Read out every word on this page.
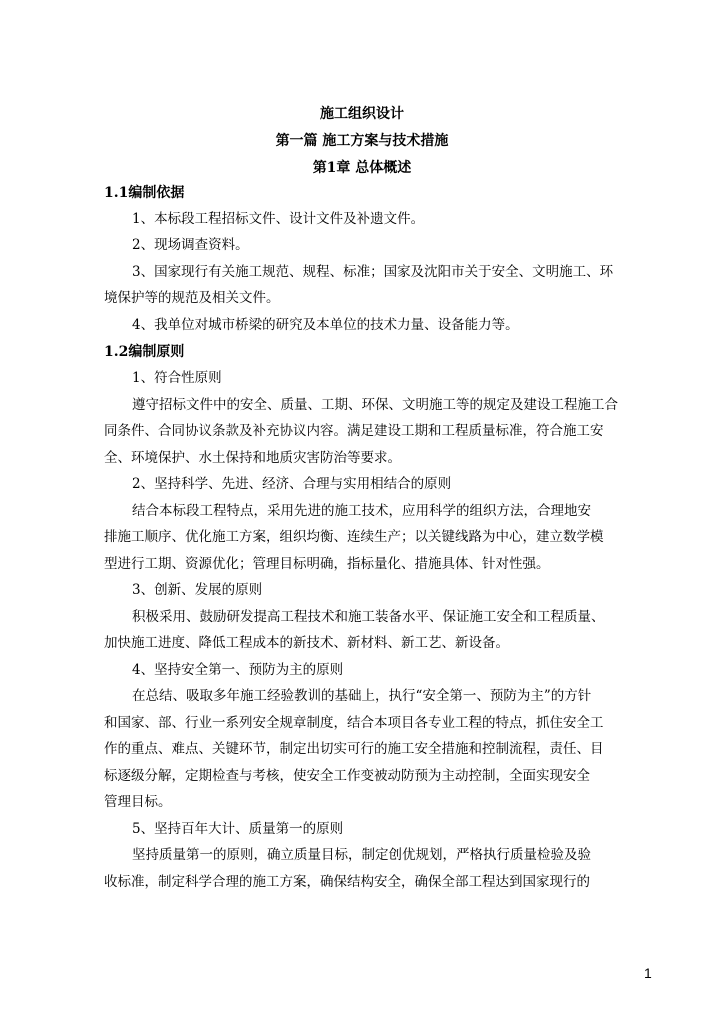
施工组织设计
第一篇 施工方案与技术措施
第1章 总体概述
1.1编制依据
1、本标段工程招标文件、设计文件及补遗文件。
2、现场调查资料。
3、国家现行有关施工规范、规程、标准；国家及沈阳市关于安全、文明施工、环
境保护等的规范及相关文件。
4、我单位对城市桥梁的研究及本单位的技术力量、设备能力等。
1.2编制原则
1、符合性原则
遵守招标文件中的安全、质量、工期、环保、文明施工等的规定及建设工程施工合
同条件、合同协议条款及补充协议内容。满足建设工期和工程质量标准，符合施工安
全、环境保护、水土保持和地质灾害防治等要求。
2、坚持科学、先进、经济、合理与实用相结合的原则
结合本标段工程特点，采用先进的施工技术，应用科学的组织方法，合理地安
排施工顺序、优化施工方案，组织均衡、连续生产；以关键线路为中心，建立数学模
型进行工期、资源优化；管理目标明确，指标量化、措施具体、针对性强。
3、创新、发展的原则
积极采用、鼓励研发提高工程技术和施工装备水平、保证施工安全和工程质量、
加快施工进度、降低工程成本的新技术、新材料、新工艺、新设备。
4、坚持安全第一、预防为主的原则
在总结、吸取多年施工经验教训的基础上，执行“安全第一、预防为主”的方针
和国家、部、行业一系列安全规章制度，结合本项目各专业工程的特点，抓住安全工
作的重点、难点、关键环节，制定出切实可行的施工安全措施和控制流程，责任、目
标逐级分解，定期检查与考核，使安全工作变被动防预为主动控制，全面实现安全
管理目标。
5、坚持百年大计、质量第一的原则
坚持质量第一的原则，确立质量目标，制定创优规划，严格执行质量检验及验
收标准，制定科学合理的施工方案，确保结构安全，确保全部工程达到国家现行的
1
